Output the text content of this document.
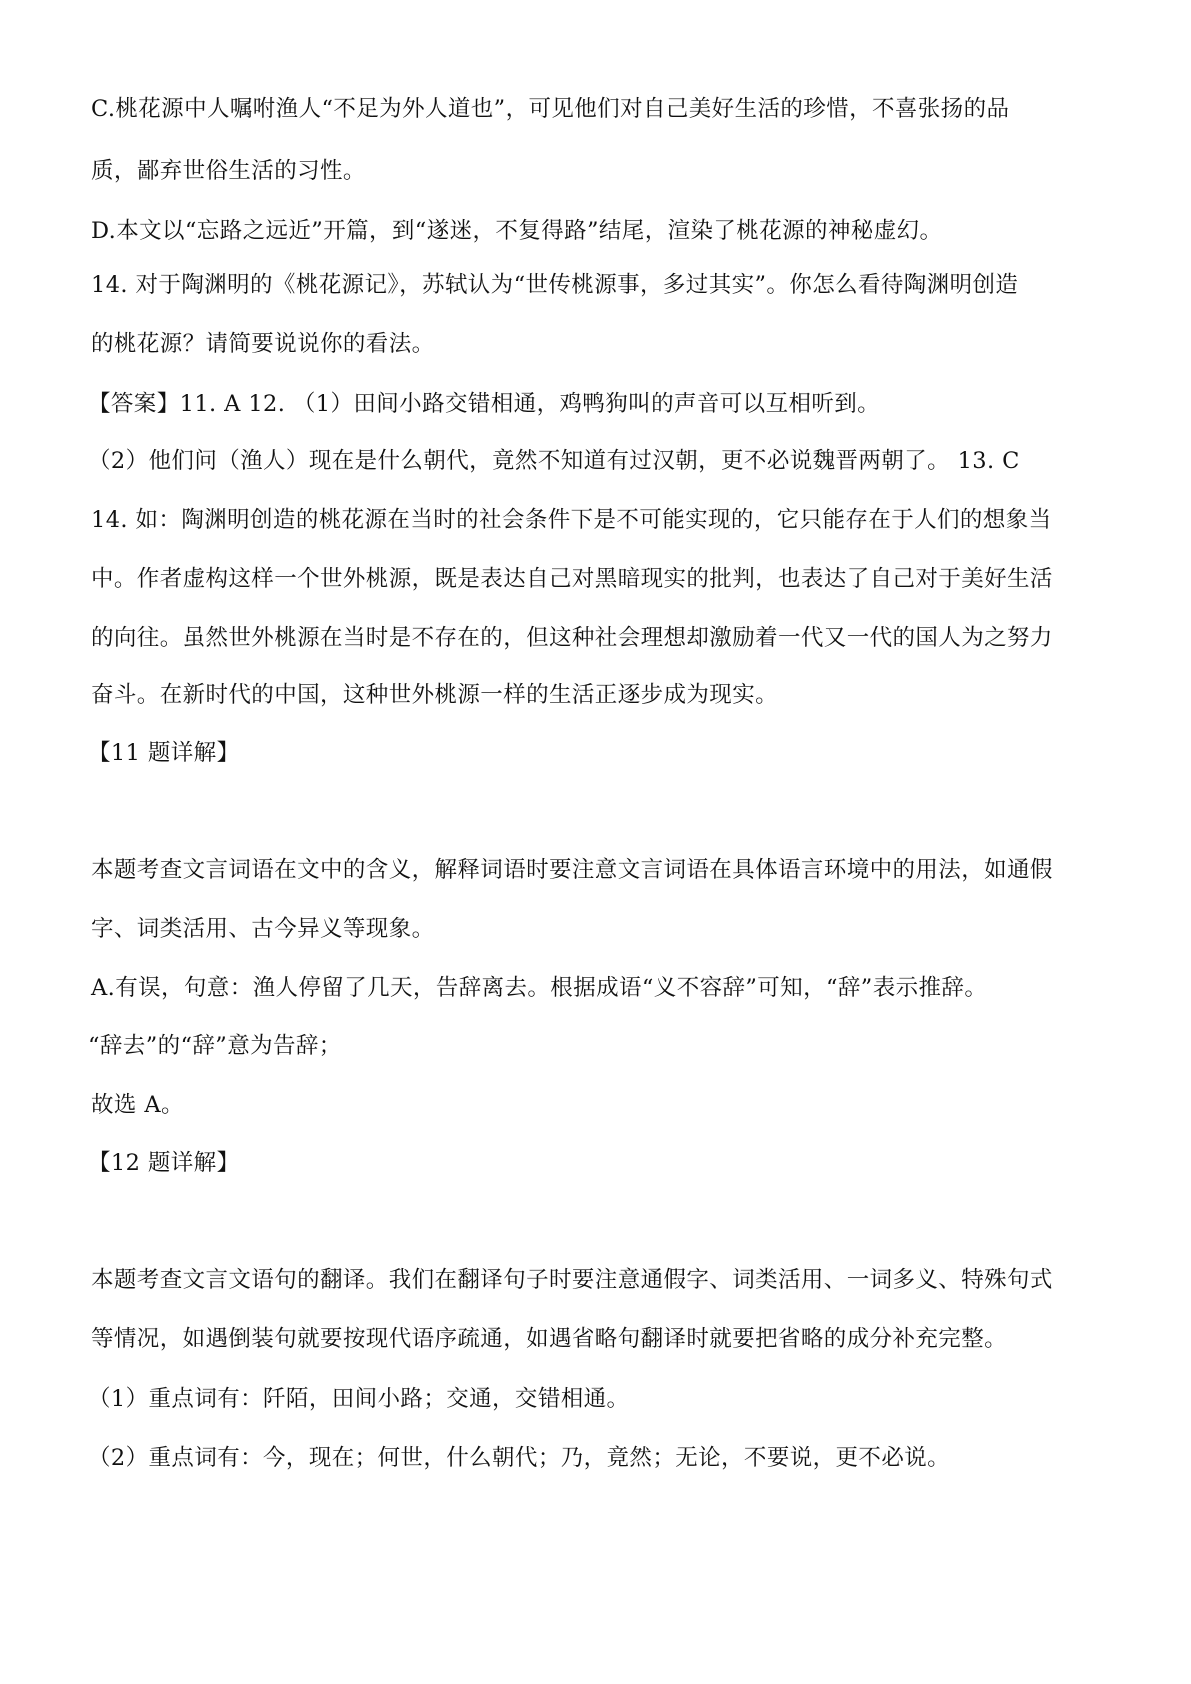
C.桃花源中人嘱咐渔人“不足为外人道也”，可见他们对自己美好生活的珍惜，不喜张扬的品

质，鄙弃世俗生活的习性。

D.本文以“忘路之远近”开篇，到“遂迷，不复得路”结尾，渲染了桃花源的神秘虚幻。

14. 对于陶渊明的《桃花源记》，苏轼认为“世传桃源事，多过其实”。你怎么看待陶渊明创造

的桃花源？请简要说说你的看法。

【答案】11. A 12. （1）田间小路交错相通，鸡鸭狗叫的声音可以互相听到。

（2）他们问（渔人）现在是什么朝代，竟然不知道有过汉朝，更不必说魏晋两朝了。 13. C

14. 如：陶渊明创造的桃花源在当时的社会条件下是不可能实现的，它只能存在于人们的想象当

中。作者虚构这样一个世外桃源，既是表达自己对黑暗现实的批判，也表达了自己对于美好生活

的向往。虽然世外桃源在当时是不存在的，但这种社会理想却激励着一代又一代的国人为之努力

奋斗。在新时代的中国，这种世外桃源一样的生活正逐步成为现实。

【11 题详解】

本题考查文言词语在文中的含义，解释词语时要注意文言词语在具体语言环境中的用法，如通假

字、词类活用、古今异义等现象。

A.有误，句意：渔人停留了几天，告辞离去。根据成语“义不容辞”可知，“辞”表示推辞。

“辞去”的“辞”意为告辞；

故选 A。

【12 题详解】

本题考查文言文语句的翻译。我们在翻译句子时要注意通假字、词类活用、一词多义、特殊句式

等情况，如遇倒装句就要按现代语序疏通，如遇省略句翻译时就要把省略的成分补充完整。

（1）重点词有：阡陌，田间小路；交通，交错相通。

（2）重点词有：今，现在；何世，什么朝代；乃，竟然；无论，不要说，更不必说。
